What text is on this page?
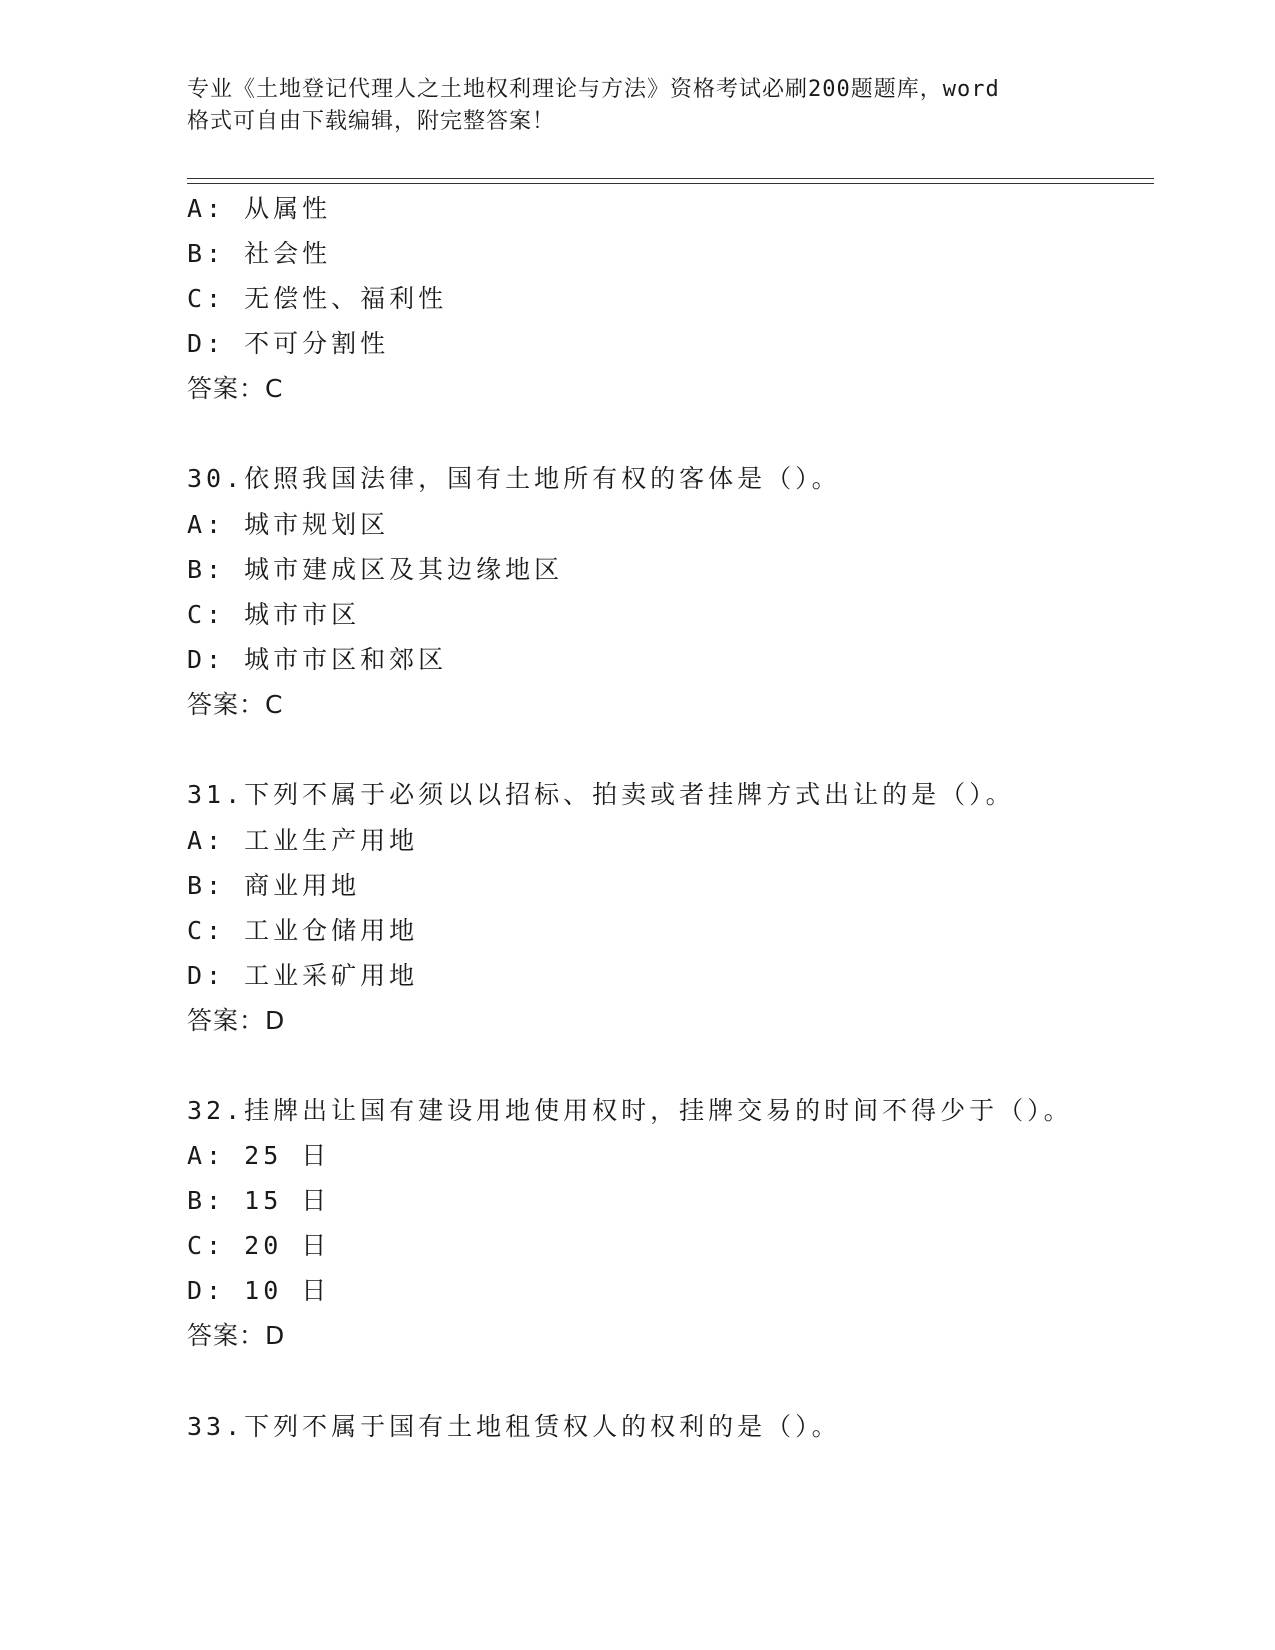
专业《土地登记代理人之土地权利理论与方法》资格考试必刷200题题库，word
格式可自由下载编辑，附完整答案！
A: 从属性
B: 社会性
C: 无偿性、福利性
D: 不可分割性
答案：C
30.依照我国法律，国有土地所有权的客体是（）。
A: 城市规划区
B: 城市建成区及其边缘地区
C: 城市市区
D: 城市市区和郊区
答案：C
31.下列不属于必须以以招标、拍卖或者挂牌方式出让的是（）。
A: 工业生产用地
B: 商业用地
C: 工业仓储用地
D: 工业采矿用地
答案：D
32.挂牌出让国有建设用地使用权时，挂牌交易的时间不得少于（）。
A: 25 日
B: 15 日
C: 20 日
D: 10 日
答案：D
33.下列不属于国有土地租赁权人的权利的是（）。
